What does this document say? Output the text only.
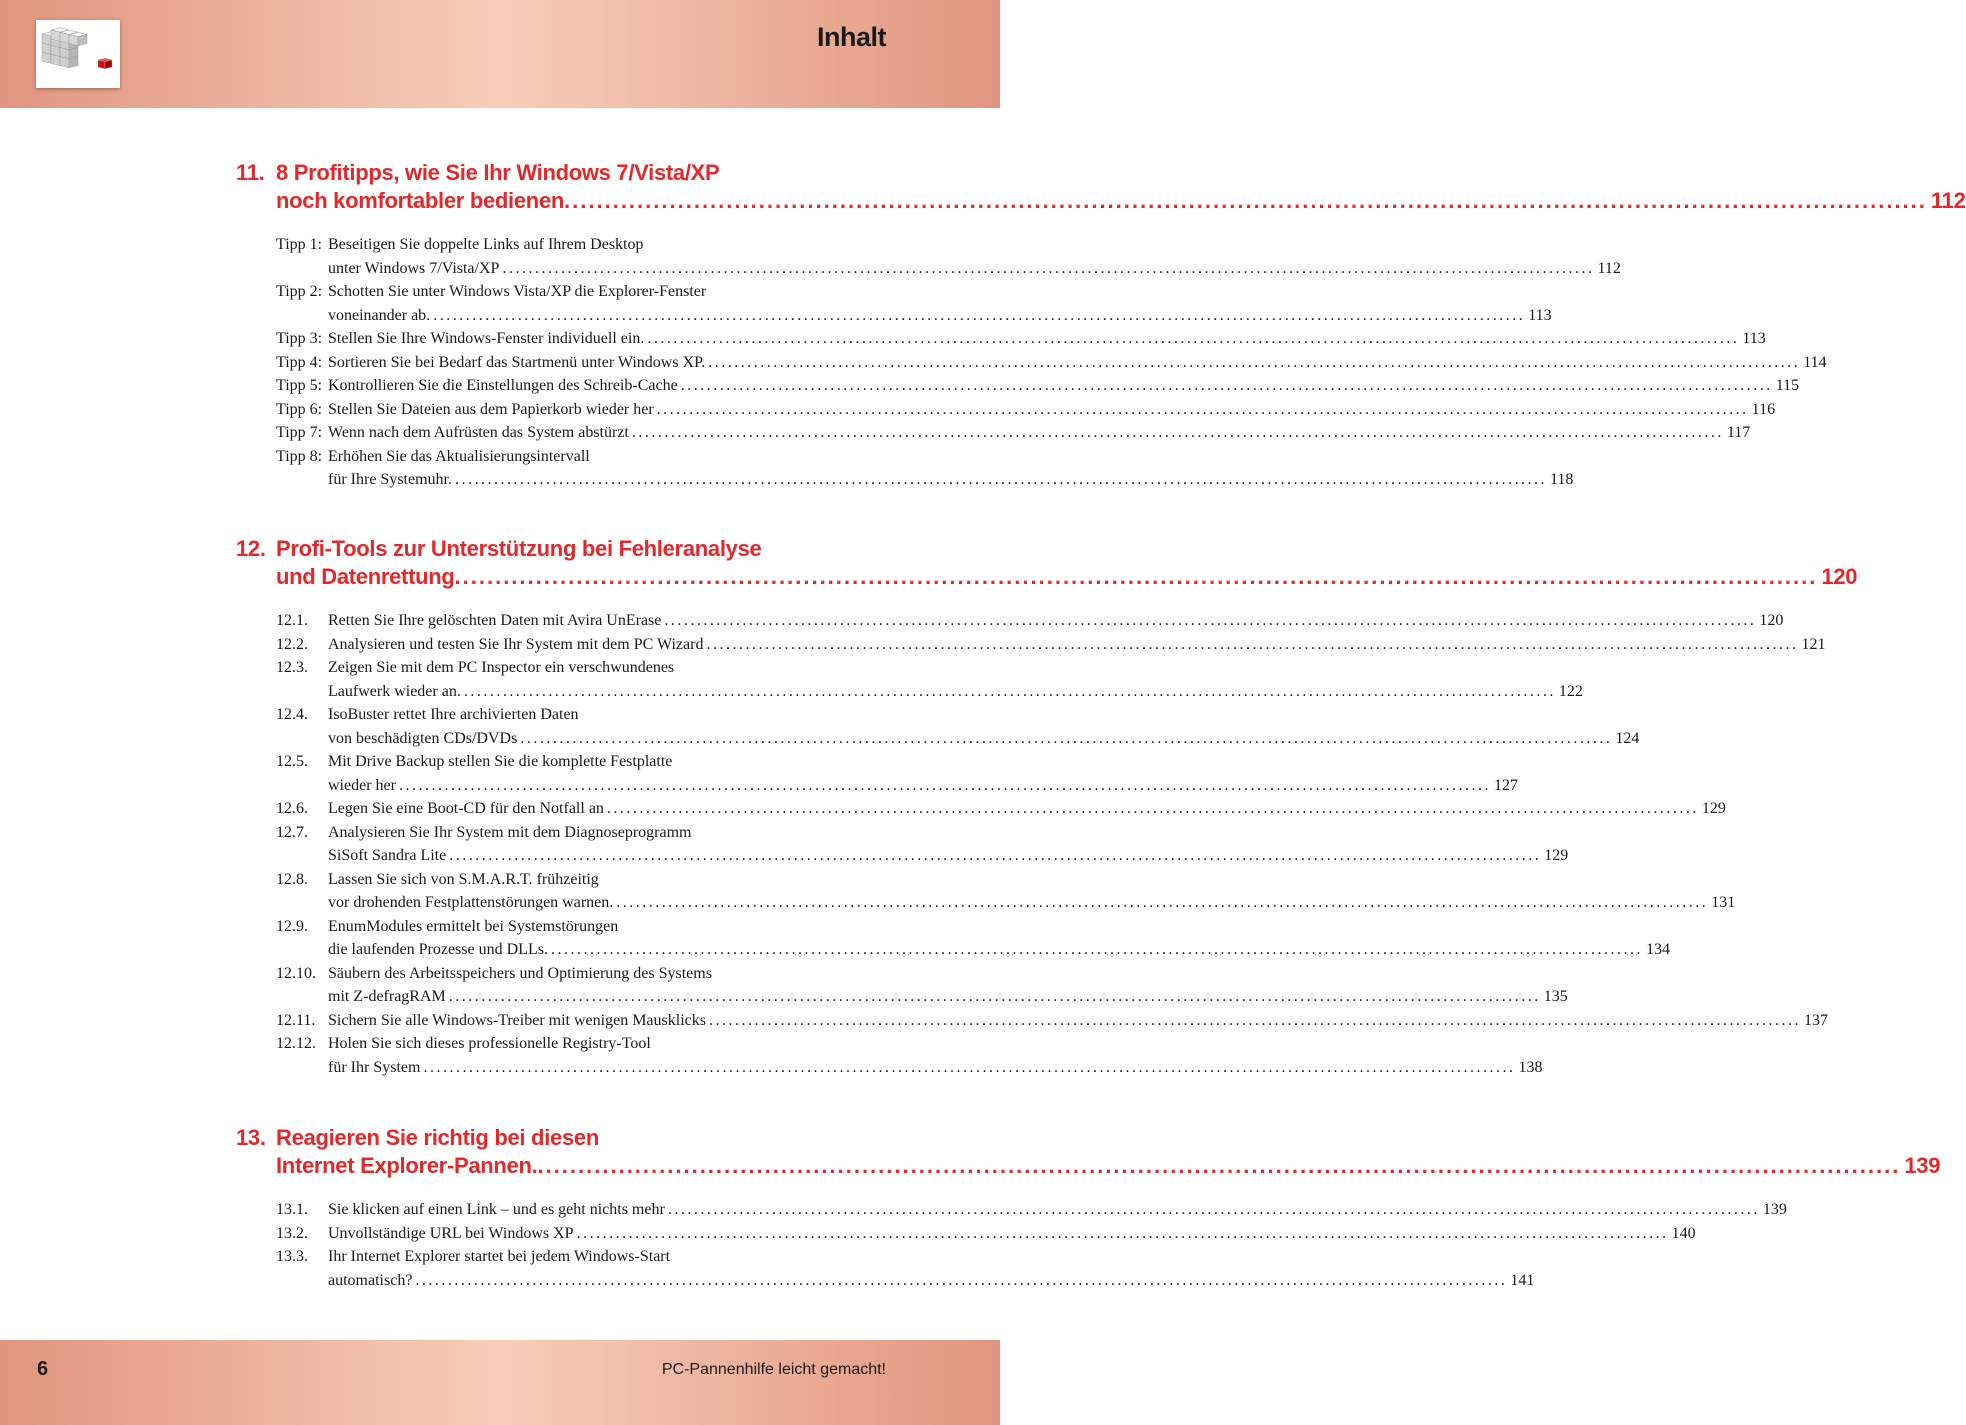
Inhalt
11. 8 Profitipps, wie Sie Ihr Windows 7/Vista/XP
noch komfortabler bedienen ........................................................................................................................................................................ 112
Tipp 1: Beseitigen Sie doppelte Links auf Ihrem Desktop
unter Windows 7/Vista/XP ........................................................................................................................................................................ 112
Tipp 2: Schotten Sie unter Windows Vista/XP die Explorer-Fenster
voneinander ab. ........................................................................................................................................................................ 113
Tipp 3: Stellen Sie Ihre Windows-Fenster individuell ein. ........................................................................................................................................................................ 113
Tipp 4: Sortieren Sie bei Bedarf das Startmenü unter Windows XP. ........................................................................................................................................................................ 114
Tipp 5: Kontrollieren Sie die Einstellungen des Schreib-Cache ........................................................................................................................................................................ 115
Tipp 6: Stellen Sie Dateien aus dem Papierkorb wieder her ........................................................................................................................................................................ 116
Tipp 7: Wenn nach dem Aufrüsten das System abstürzt ........................................................................................................................................................................ 117
Tipp 8: Erhöhen Sie das Aktualisierungsintervall
für Ihre Systemuhr. ........................................................................................................................................................................ 118
12. Profi-Tools zur Unterstützung bei Fehleranalyse
und Datenrettung ........................................................................................................................................................................ 120
12.1. Retten Sie Ihre gelöschten Daten mit Avira UnErase ........................................................................................................................................................................ 120
12.2. Analysieren und testen Sie Ihr System mit dem PC Wizard ........................................................................................................................................................................ 121
12.3. Zeigen Sie mit dem PC Inspector ein verschwundenes
Laufwerk wieder an. ........................................................................................................................................................................ 122
12.4. IsoBuster rettet Ihre archivierten Daten
von beschädigten CDs/DVDs ........................................................................................................................................................................ 124
12.5. Mit Drive Backup stellen Sie die komplette Festplatte
wieder her ........................................................................................................................................................................ 127
12.6. Legen Sie eine Boot-CD für den Notfall an ........................................................................................................................................................................ 129
12.7. Analysieren Sie Ihr System mit dem Diagnoseprogramm
SiSoft Sandra Lite ........................................................................................................................................................................ 129
12.8. Lassen Sie sich von S.M.A.R.T. frühzeitig
vor drohenden Festplattenstörungen warnen. ........................................................................................................................................................................ 131
12.9. EnumModules ermittelt bei Systemstörungen
die laufenden Prozesse und DLLs. ........................................................................................................................................................................ 134
12.10. Säubern des Arbeitsspeichers und Optimierung des Systems
mit Z-defragRAM ........................................................................................................................................................................ 135
12.11. Sichern Sie alle Windows-Treiber mit wenigen Mausklicks ........................................................................................................................................................................ 137
12.12. Holen Sie sich dieses professionelle Registry-Tool
für Ihr System ........................................................................................................................................................................ 138
13. Reagieren Sie richtig bei diesen
Internet Explorer-Pannen. ........................................................................................................................................................................ 139
13.1. Sie klicken auf einen Link – und es geht nichts mehr ........................................................................................................................................................................ 139
13.2. Unvollständige URL bei Windows XP ........................................................................................................................................................................ 140
13.3. Ihr Internet Explorer startet bei jedem Windows-Start
automatisch? ........................................................................................................................................................................ 141
6	PC-Pannenhilfe leicht gemacht!
